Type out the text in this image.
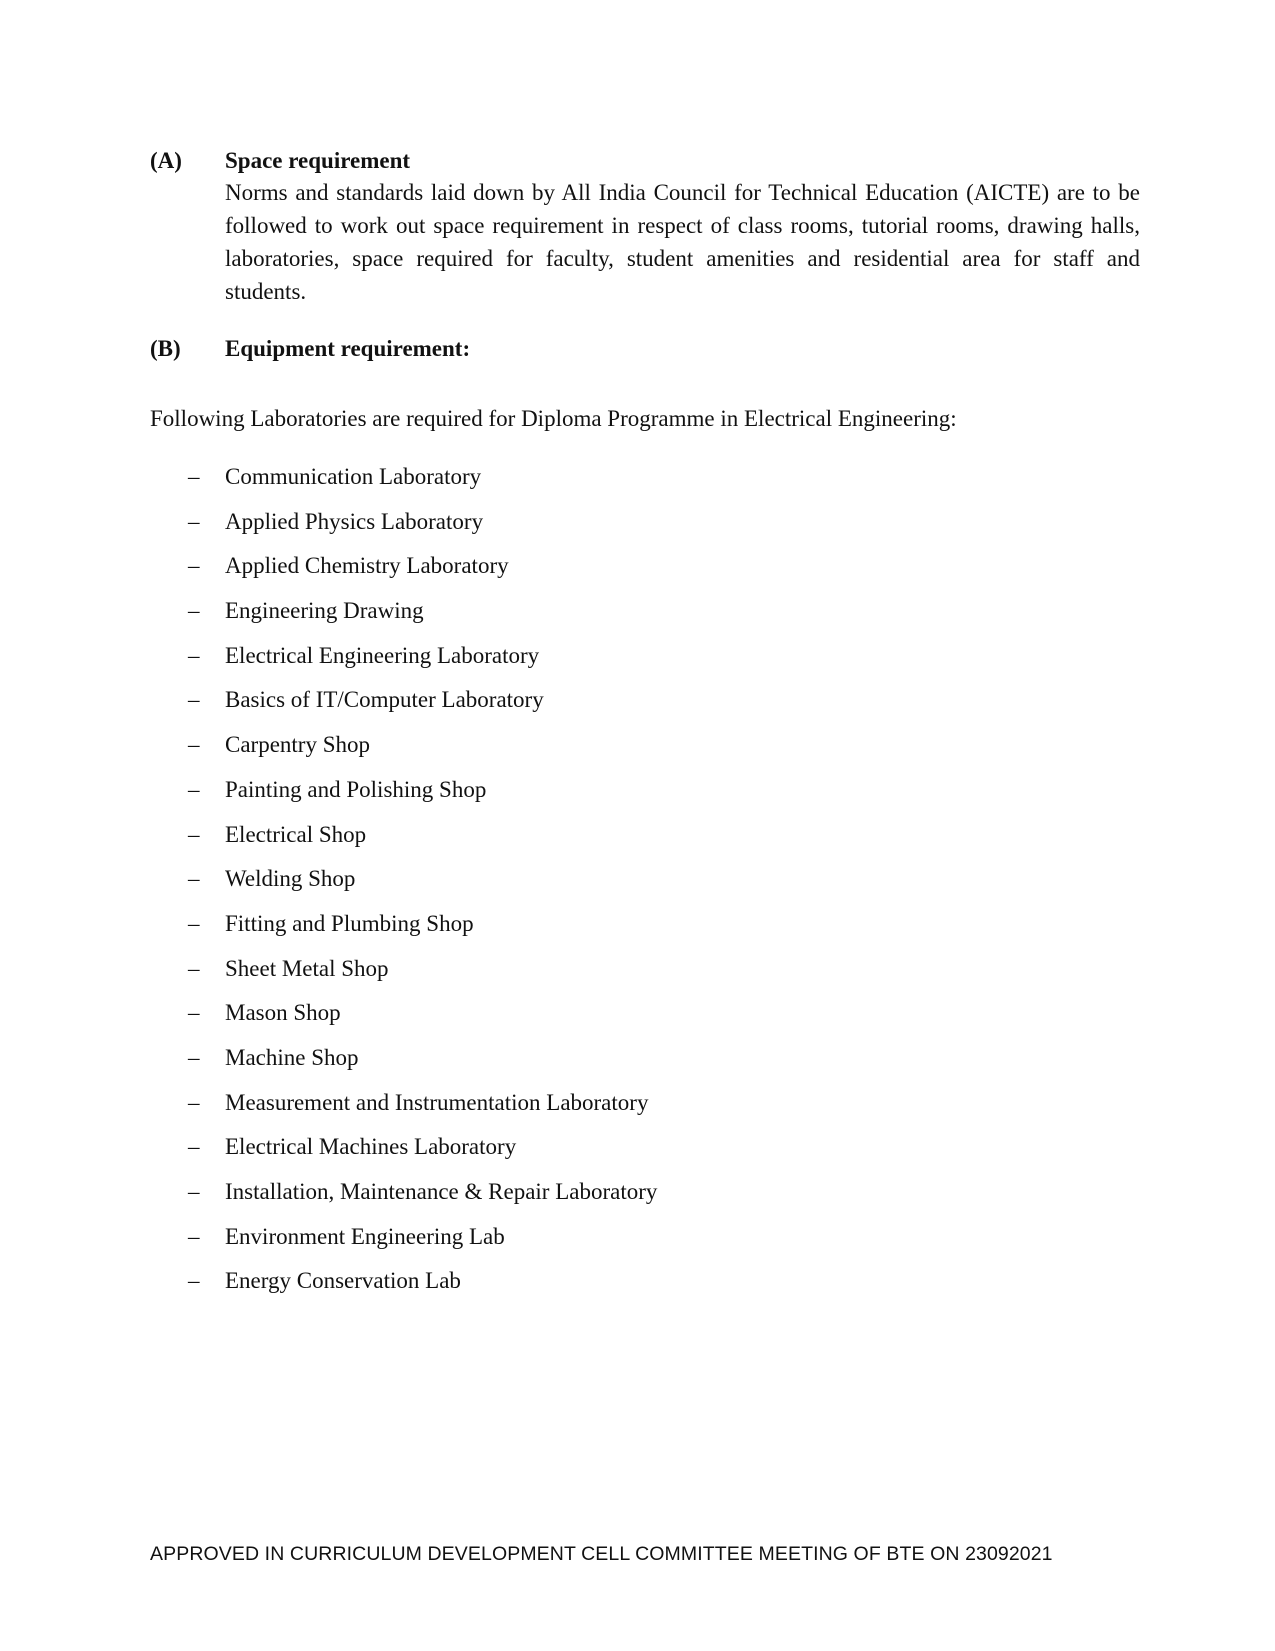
(A)	Space requirement
Norms and standards laid down by All India Council for Technical Education (AICTE) are to be followed to work out space requirement in respect of class rooms, tutorial rooms, drawing halls, laboratories, space required for faculty, student amenities and residential area for staff and students.
(B)	Equipment requirement:
Following Laboratories are required for Diploma Programme in Electrical Engineering:
–	Communication Laboratory
–	Applied Physics Laboratory
–	Applied Chemistry Laboratory
–	Engineering Drawing
–	Electrical Engineering Laboratory
–	Basics of IT/Computer Laboratory
–	Carpentry Shop
–	Painting and Polishing Shop
–	Electrical Shop
–	Welding Shop
–	Fitting and Plumbing Shop
–	Sheet Metal Shop
–	Mason Shop
–	Machine Shop
–	Measurement and Instrumentation Laboratory
–	Electrical Machines Laboratory
–	Installation, Maintenance & Repair Laboratory
–	Environment Engineering Lab
–	Energy Conservation Lab
APPROVED IN CURRICULUM DEVELOPMENT CELL COMMITTEE MEETING OF BTE ON 23092021
